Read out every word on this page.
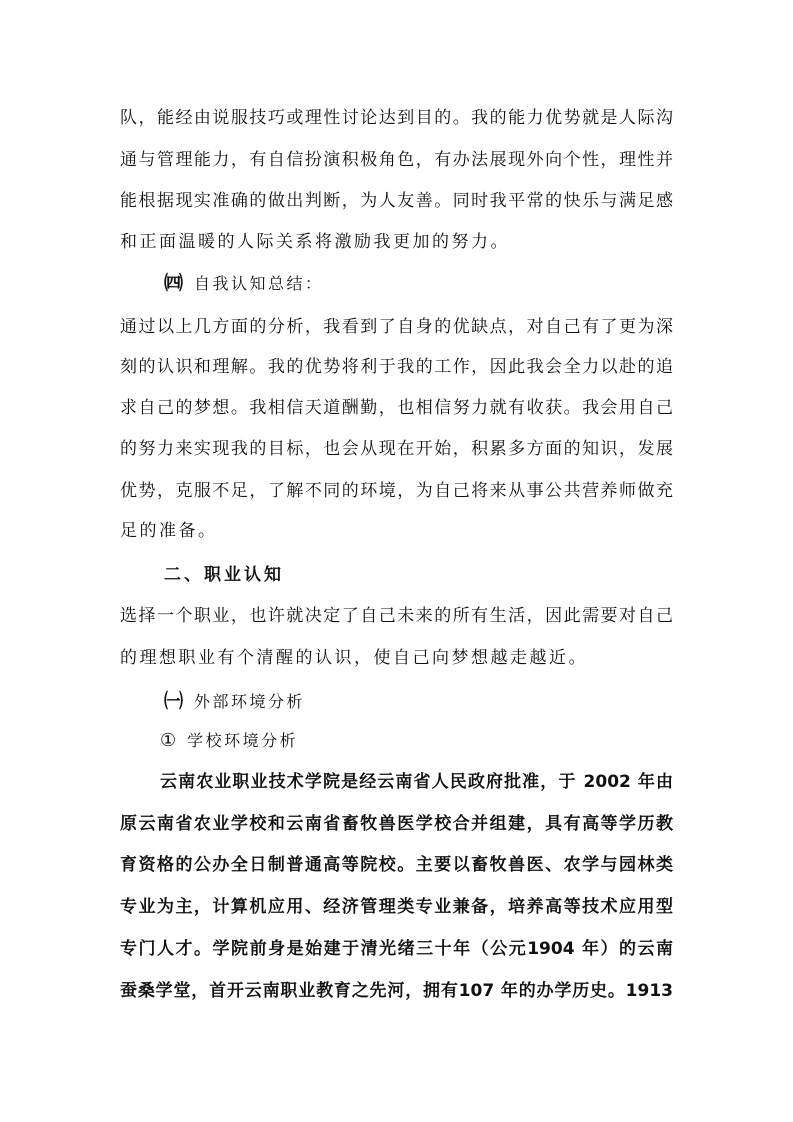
队，能经由说服技巧或理性讨论达到目的。我的能力优势就是人际沟
通与管理能力，有自信扮演积极角色，有办法展现外向个性，理性并
能根据现实准确的做出判断，为人友善。同时我平常的快乐与满足感
和正面温暖的人际关系将激励我更加的努力。
㈣ 自我认知总结：
通过以上几方面的分析，我看到了自身的优缺点，对自己有了更为深
刻的认识和理解。我的优势将利于我的工作，因此我会全力以赴的追
求自己的梦想。我相信天道酬勤，也相信努力就有收获。我会用自己
的努力来实现我的目标，也会从现在开始，积累多方面的知识，发展
优势，克服不足，了解不同的环境，为自己将来从事公共营养师做充
足的准备。
二、职业认知
选择一个职业，也许就决定了自己未来的所有生活，因此需要对自己
的理想职业有个清醒的认识，使自己向梦想越走越近。
㈠ 外部环境分析
① 学校环境分析
云南农业职业技术学院是经云南省人民政府批准，于 2002 年由
原云南省农业学校和云南省畜牧兽医学校合并组建，具有高等学历教
育资格的公办全日制普通高等院校。主要以畜牧兽医、农学与园林类
专业为主，计算机应用、经济管理类专业兼备，培养高等技术应用型
专门人才。学院前身是始建于清光绪三十年（公元1904 年）的云南
蚕桑学堂，首开云南职业教育之先河，拥有107 年的办学历史。1913
